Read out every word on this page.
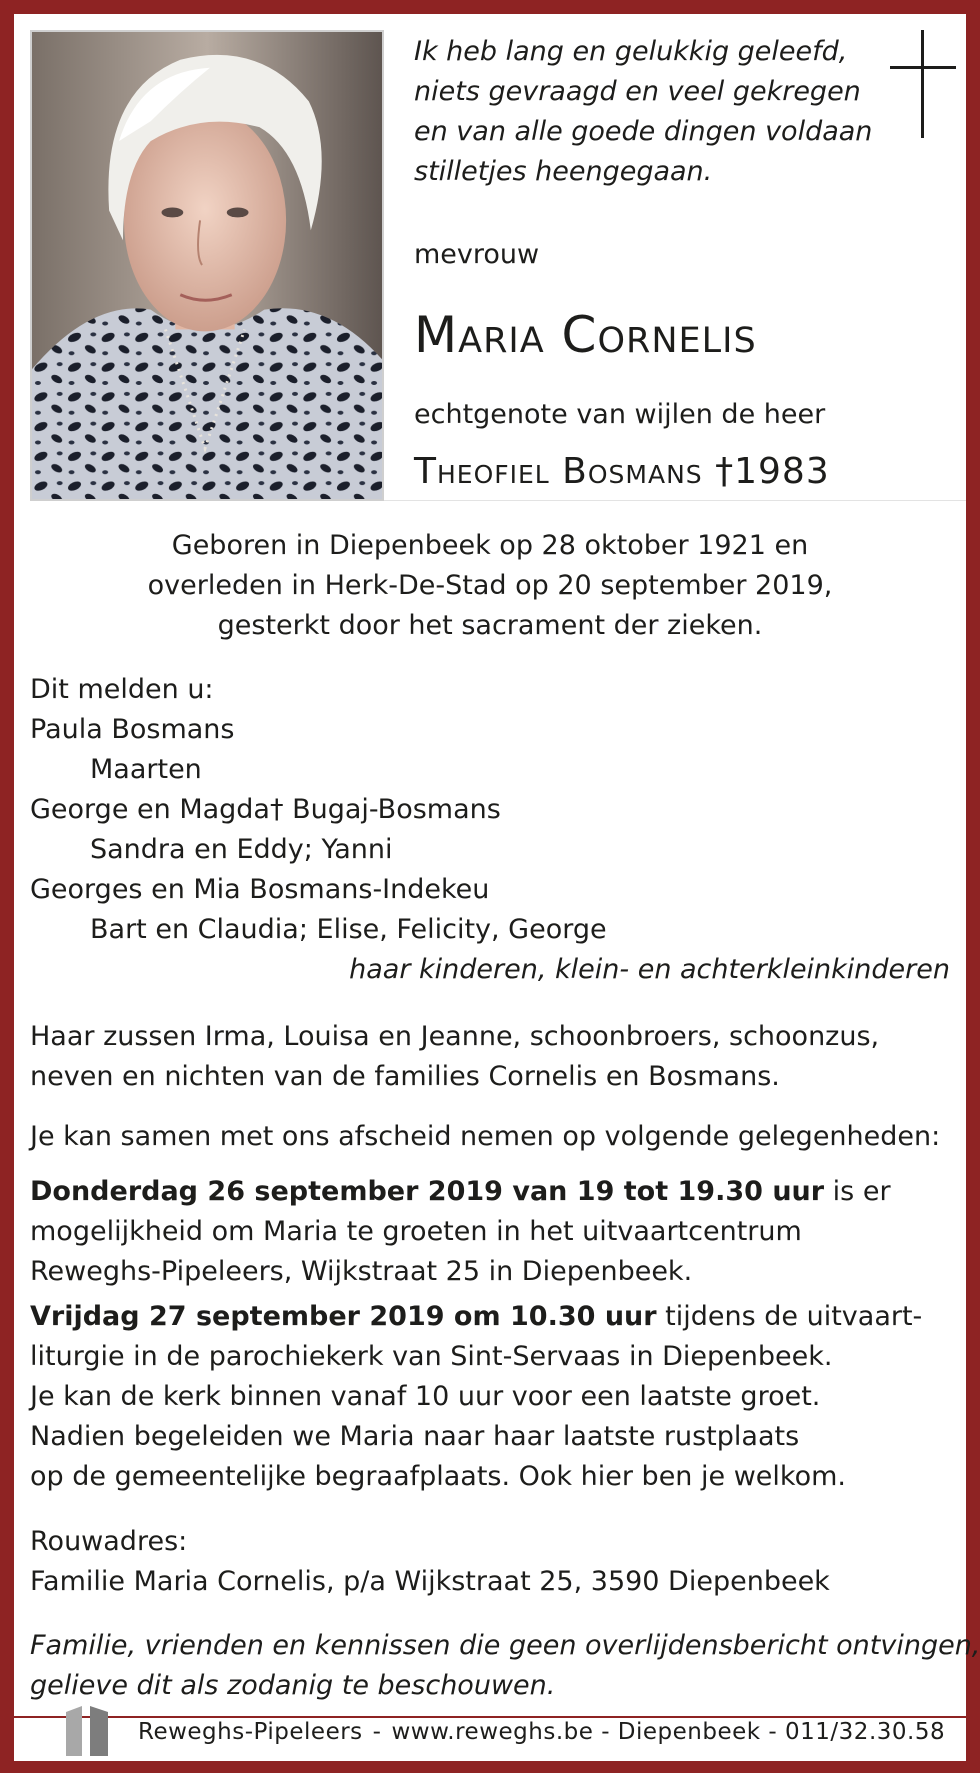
Ik heb lang en gelukkig geleefd,
niets gevraagd en veel gekregen
en van alle goede dingen voldaan
stilletjes heengegaan.
mevrouw
Maria Cornelis
echtgenote van wijlen de heer
Theofiel Bosmans †1983
Geboren in Diepenbeek op 28 oktober 1921 en
overleden in Herk-De-Stad op 20 september 2019,
gesterkt door het sacrament der zieken.
Dit melden u:
Paula Bosmans
Maarten
George en Magda† Bugaj-Bosmans
Sandra en Eddy; Yanni
Georges en Mia Bosmans-Indekeu
Bart en Claudia; Elise, Felicity, George
haar kinderen, klein- en achterkleinkinderen
Haar zussen Irma, Louisa en Jeanne, schoonbroers, schoonzus,
neven en nichten van de families Cornelis en Bosmans.
Je kan samen met ons afscheid nemen op volgende gelegenheden:
Donderdag 26 september 2019 van 19 tot 19.30 uur is er
mogelijkheid om Maria te groeten in het uitvaartcentrum
Reweghs-Pipeleers, Wijkstraat 25 in Diepenbeek.
Vrijdag 27 september 2019 om 10.30 uur tijdens de uitvaart-
liturgie in de parochiekerk van Sint-Servaas in Diepenbeek.
Je kan de kerk binnen vanaf 10 uur voor een laatste groet.
Nadien begeleiden we Maria naar haar laatste rustplaats
op de gemeentelijke begraafplaats. Ook hier ben je welkom.
Rouwadres:
Familie Maria Cornelis, p/a Wijkstraat 25, 3590 Diepenbeek
Familie, vrienden en kennissen die geen overlijdensbericht ontvingen,
gelieve dit als zodanig te beschouwen.
Reweghs-Pipeleers - www.reweghs.be - Diepenbeek - 011/32.30.58
